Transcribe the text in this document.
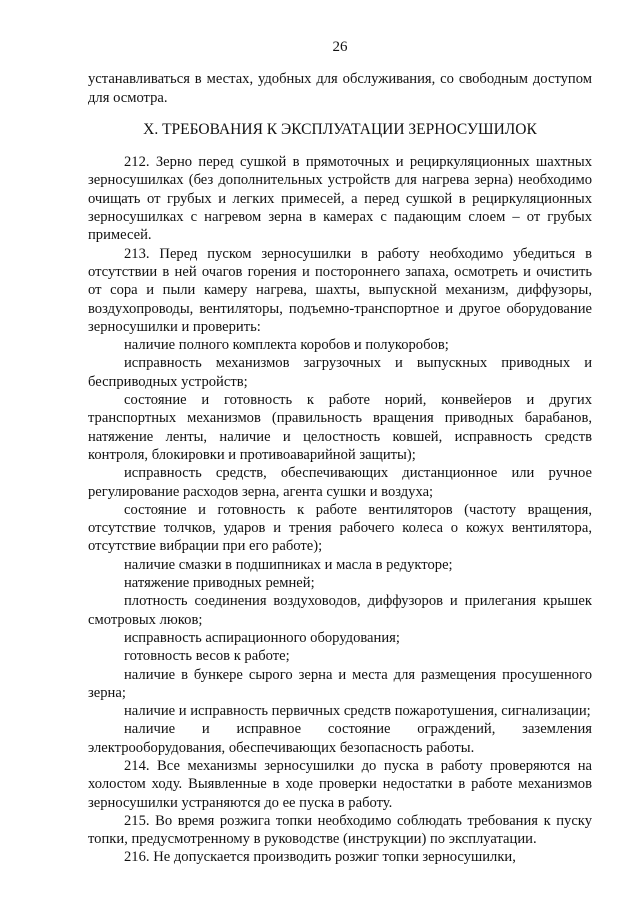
26

устанавливаться в местах, удобных для обслуживания, со свободным доступом для осмотра.

X. ТРЕБОВАНИЯ К ЭКСПЛУАТАЦИИ ЗЕРНОСУШИЛОК

212. Зерно перед сушкой в прямоточных и рециркуляционных шахтных зерносушилках (без дополнительных устройств для нагрева зерна) необходимо очищать от грубых и легких примесей, а перед сушкой в рециркуляционных зерносушилках с нагревом зерна в камерах с падающим слоем – от грубых примесей.

213. Перед пуском зерносушилки в работу необходимо убедиться в отсутствии в ней очагов горения и постороннего запаха, осмотреть и очистить от сора и пыли камеру нагрева, шахты, выпускной механизм, диффузоры, воздухопроводы, вентиляторы, подъемно-транспортное и другое оборудование зерносушилки и проверить:

наличие полного комплекта коробов и полукоробов;

исправность механизмов загрузочных и выпускных приводных и бесприводных устройств;

состояние и готовность к работе норий, конвейеров и других транспортных механизмов (правильность вращения приводных барабанов, натяжение ленты, наличие и целостность ковшей, исправность средств контроля, блокировки и противоаварийной защиты);

исправность средств, обеспечивающих дистанционное или ручное регулирование расходов зерна, агента сушки и воздуха;

состояние и готовность к работе вентиляторов (частоту вращения, отсутствие толчков, ударов и трения рабочего колеса о кожух вентилятора, отсутствие вибрации при его работе);

наличие смазки в подшипниках и масла в редукторе;

натяжение приводных ремней;

плотность соединения воздуховодов, диффузоров и прилегания крышек смотровых люков;

исправность аспирационного оборудования;

готовность весов к работе;

наличие в бункере сырого зерна и места для размещения просушенного зерна;

наличие и исправность первичных средств пожаротушения, сигнализации;

наличие и исправное состояние ограждений, заземления электрооборудования, обеспечивающих безопасность работы.

214. Все механизмы зерносушилки до пуска в работу проверяются на холостом ходу. Выявленные в ходе проверки недостатки в работе механизмов зерносушилки устраняются до ее пуска в работу.

215. Во время розжига топки необходимо соблюдать требования к пуску топки, предусмотренному в руководстве (инструкции) по эксплуатации.

216. Не допускается производить розжиг топки зерносушилки,
